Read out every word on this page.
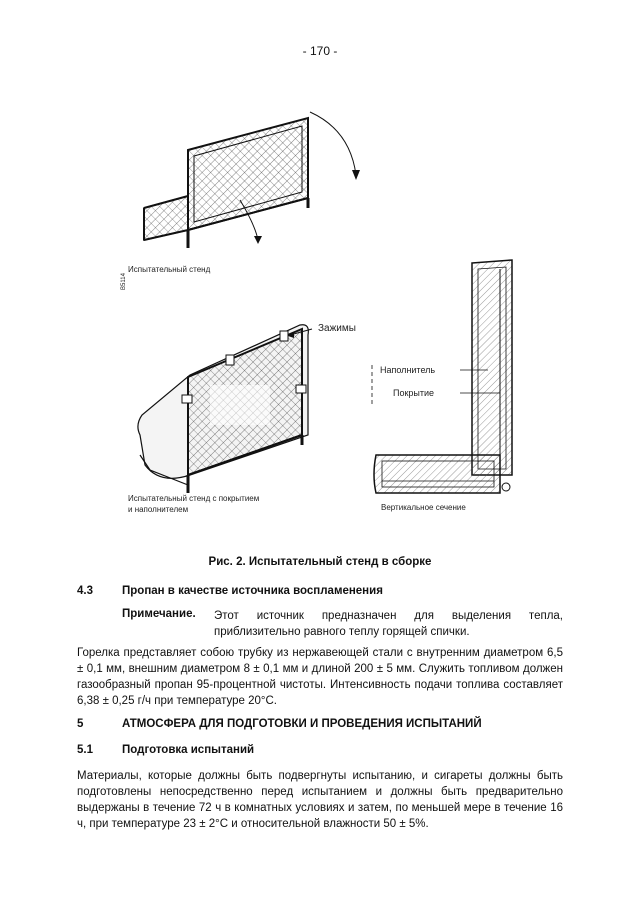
- 170 -
Испытательный стенд
B5114
Зажимы
Испытательный стенд с покрытием
и наполнителем
Наполнитель
Покрытие
Вертикальное сечение
Рис. 2. Испытательный стенд в сборке
4.3	Пропан в качестве источника воспламенения
Примечание. Этот источник предназначен для выделения тепла,
приблизительно равного теплу горящей спички.
Горелка представляет собою трубку из нержавеющей стали с внутренним диаметром 6,5 ± 0,1 мм, внешним диаметром 8 ± 0,1 мм и длиной 200 ± 5 мм. Служить топливом должен газообразный пропан 95-процентной чистоты. Интенсивность подачи топлива составляет 6,38 ± 0,25 г/ч при температуре 20°С.
5	АТМОСФЕРА ДЛЯ ПОДГОТОВКИ И ПРОВЕДЕНИЯ ИСПЫТАНИЙ
5.1	Подготовка испытаний
Материалы, которые должны быть подвергнуты испытанию, и сигареты должны быть подготовлены непосредственно перед испытанием и должны быть предварительно выдержаны в течение 72 ч в комнатных условиях и затем, по меньшей мере в течение 16 ч, при температуре 23 ± 2°С и относительной влажности 50 ± 5%.
